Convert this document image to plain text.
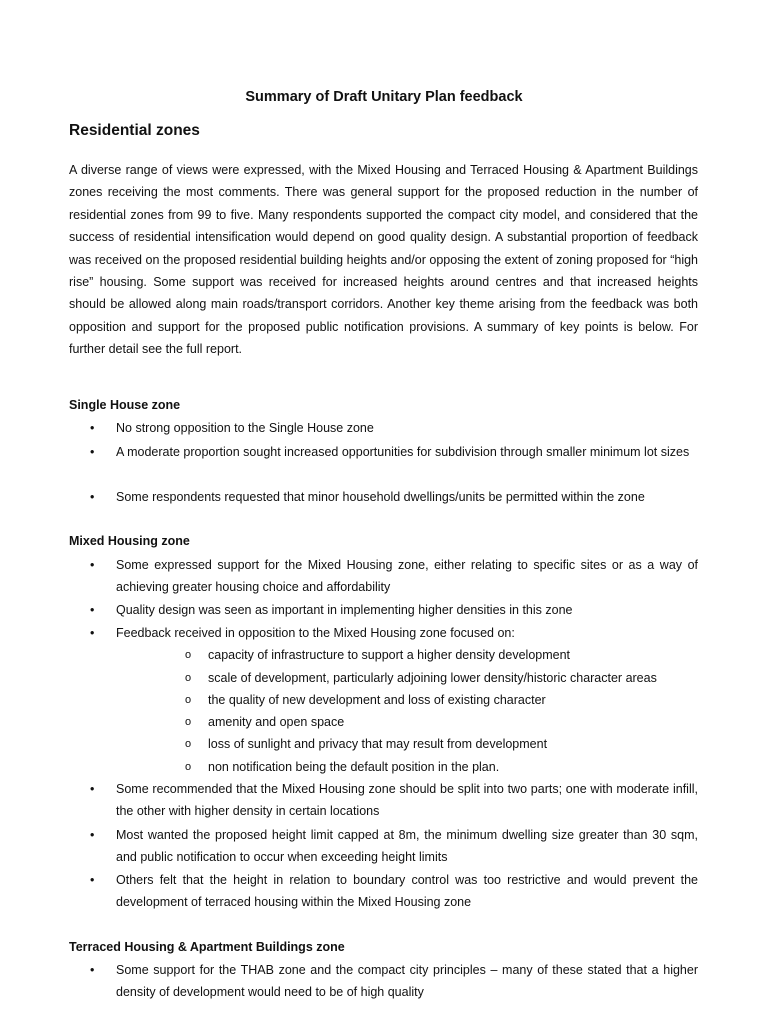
Summary of Draft Unitary Plan feedback
Residential zones
A diverse range of views were expressed, with the Mixed Housing and Terraced Housing & Apartment Buildings zones receiving the most comments. There was general support for the proposed reduction in the number of residential zones from 99 to five. Many respondents supported the compact city model, and considered that the success of residential intensification would depend on good quality design. A substantial proportion of feedback was received on the proposed residential building heights and/or opposing the extent of zoning proposed for “high rise” housing. Some support was received for increased heights around centres and that increased heights should be allowed along main roads/transport corridors. Another key theme arising from the feedback was both opposition and support for the proposed public notification provisions. A summary of key points is below. For further detail see the full report.
Single House zone
• No strong opposition to the Single House zone
• A moderate proportion sought increased opportunities for subdivision through smaller minimum lot sizes
• Some respondents requested that minor household dwellings/units be permitted within the zone
Mixed Housing zone
• Some expressed support for the Mixed Housing zone, either relating to specific sites or as a way of achieving greater housing choice and affordability
• Quality design was seen as important in implementing higher densities in this zone
• Feedback received in opposition to the Mixed Housing zone focused on:
o capacity of infrastructure to support a higher density development
o scale of development, particularly adjoining lower density/historic character areas
o the quality of new development and loss of existing character
o amenity and open space
o loss of sunlight and privacy that may result from development
o non notification being the default position in the plan.
• Some recommended that the Mixed Housing zone should be split into two parts; one with moderate infill, the other with higher density in certain locations
• Most wanted the proposed height limit capped at 8m, the minimum dwelling size greater than 30 sqm, and public notification to occur when exceeding height limits
• Others felt that the height in relation to boundary control was too restrictive and would prevent the development of terraced housing within the Mixed Housing zone
Terraced Housing & Apartment Buildings zone
• Some support for the THAB zone and the compact city principles – many of these stated that a higher density of development would need to be of high quality
